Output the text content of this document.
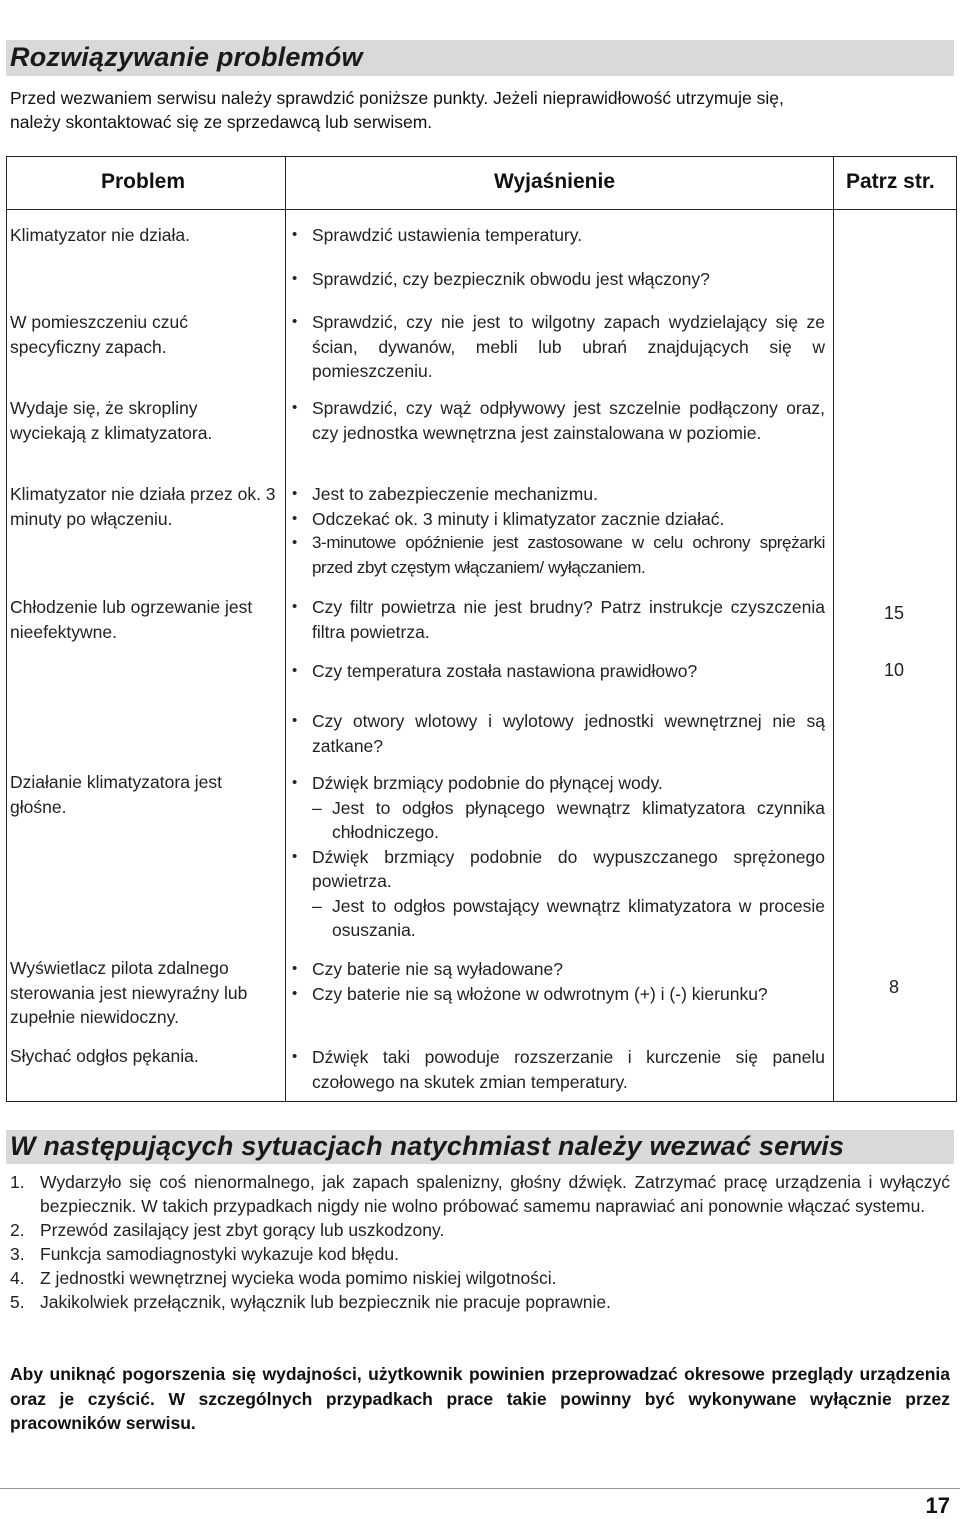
Rozwiązywanie problemów
Przed wezwaniem serwisu należy sprawdzić poniższe punkty. Jeżeli nieprawidłowość utrzymuje się,
należy skontaktować się ze sprzedawcą lub serwisem.
Problem	Wyjaśnienie	Patrz str.
Klimatyzator nie działa.
W pomieszczeniu czuć specyficzny zapach.
Wydaje się, że skropliny wyciekają z klimatyzatora.
Klimatyzator nie działa przez ok. 3 minuty po włączeniu.
Chłodzenie lub ogrzewanie jest nieefektywne.
Działanie klimatyzatora jest głośne.
Wyświetlacz pilota zdalnego sterowania jest niewyraźny lub zupełnie niewidoczny.
Słychać odgłos pękania.
• Sprawdzić ustawienia temperatury.
• Sprawdzić, czy bezpiecznik obwodu jest włączony?
• Sprawdzić, czy nie jest to wilgotny zapach wydzielający się ze ścian, dywanów, mebli lub ubrań znajdujących się w pomieszczeniu.
• Sprawdzić, czy wąż odpływowy jest szczelnie podłączony oraz, czy jednostka wewnętrzna jest zainstalowana w poziomie.
• Jest to zabezpieczenie mechanizmu.
• Odczekać ok. 3 minuty i klimatyzator zacznie działać.
• 3-minutowe opóźnienie jest zastosowane w celu ochrony sprężarki przed zbyt częstym włączaniem/ wyłączaniem.
• Czy filtr powietrza nie jest brudny? Patrz instrukcje czyszczenia filtra powietrza.
• Czy temperatura została nastawiona prawidłowo?
• Czy otwory wlotowy i wylotowy jednostki wewnętrznej nie są zatkane?
• Dźwięk brzmiący podobnie do płynącej wody.
– Jest to odgłos płynącego wewnątrz klimatyzatora czynnika chłodniczego.
• Dźwięk brzmiący podobnie do wypuszczanego sprężonego powietrza.
– Jest to odgłos powstający wewnątrz klimatyzatora w procesie osuszania.
• Czy baterie nie są wyładowane?
• Czy baterie nie są włożone w odwrotnym (+) i (-) kierunku?
• Dźwięk taki powoduje rozszerzanie i kurczenie się panelu czołowego na skutek zmian temperatury.
15
10
8
W następujących sytuacjach natychmiast należy wezwać serwis
1. Wydarzyło się coś nienormalnego, jak zapach spalenizny, głośny dźwięk. Zatrzymać pracę urządzenia i wyłączyć bezpiecznik. W takich przypadkach nigdy nie wolno próbować samemu naprawiać ani ponownie włączać systemu.
2. Przewód zasilający jest zbyt gorący lub uszkodzony.
3. Funkcja samodiagnostyki wykazuje kod błędu.
4. Z jednostki wewnętrznej wycieka woda pomimo niskiej wilgotności.
5. Jakikolwiek przełącznik, wyłącznik lub bezpiecznik nie pracuje poprawnie.
Aby uniknąć pogorszenia się wydajności, użytkownik powinien przeprowadzać okresowe przeglądy urządzenia oraz je czyścić. W szczególnych przypadkach prace takie powinny być wykonywane wyłącznie przez pracowników serwisu.
17
